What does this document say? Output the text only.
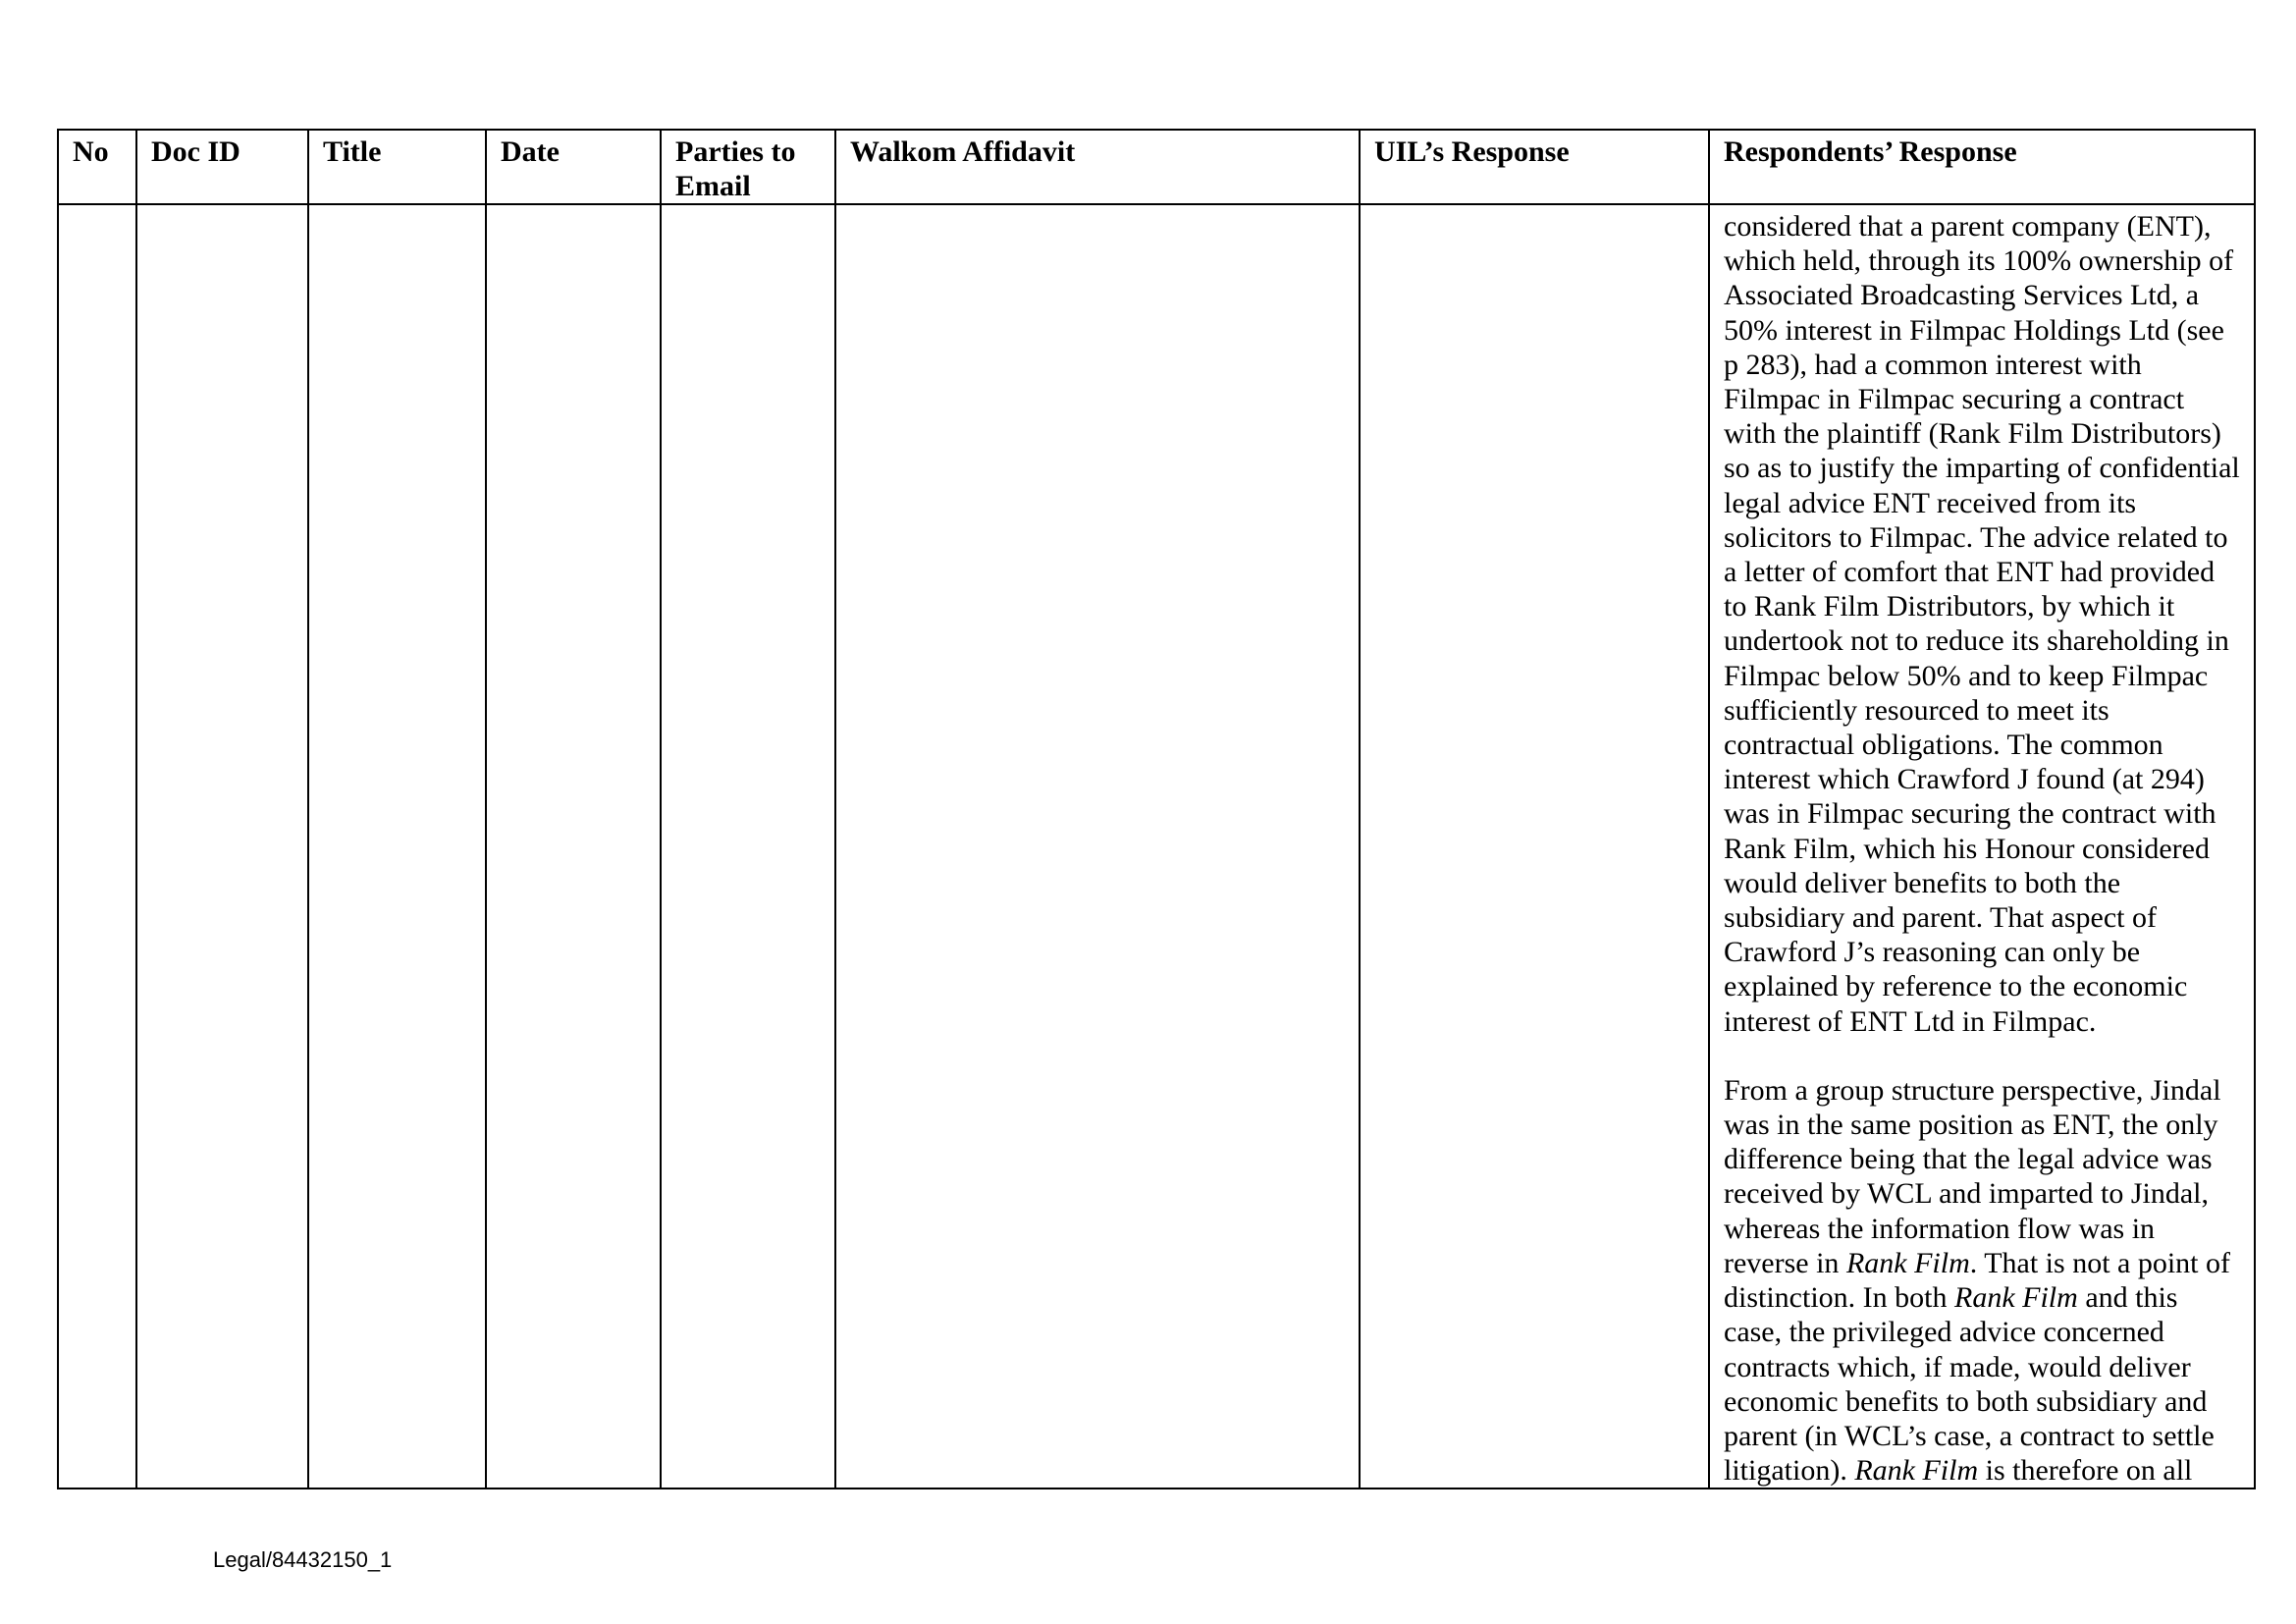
No	Doc ID	Title	Date	Parties to Email	Walkom Affidavit	UIL’s Response	Respondents’ Response

							considered that a parent company (ENT), which held, through its 100% ownership of Associated Broadcasting Services Ltd, a 50% interest in Filmpac Holdings Ltd (see p 283), had a common interest with Filmpac in Filmpac securing a contract with the plaintiff (Rank Film Distributors) so as to justify the imparting of confidential legal advice ENT received from its solicitors to Filmpac. The advice related to a letter of comfort that ENT had provided to Rank Film Distributors, by which it undertook not to reduce its shareholding in Filmpac below 50% and to keep Filmpac sufficiently resourced to meet its contractual obligations. The common interest which Crawford J found (at 294) was in Filmpac securing the contract with Rank Film, which his Honour considered would deliver benefits to both the subsidiary and parent. That aspect of Crawford J’s reasoning can only be explained by reference to the economic interest of ENT Ltd in Filmpac.

From a group structure perspective, Jindal was in the same position as ENT, the only difference being that the legal advice was received by WCL and imparted to Jindal, whereas the information flow was in reverse in Rank Film. That is not a point of distinction. In both Rank Film and this case, the privileged advice concerned contracts which, if made, would deliver economic benefits to both subsidiary and parent (in WCL’s case, a contract to settle litigation). Rank Film is therefore on all

Legal/84432150_1
